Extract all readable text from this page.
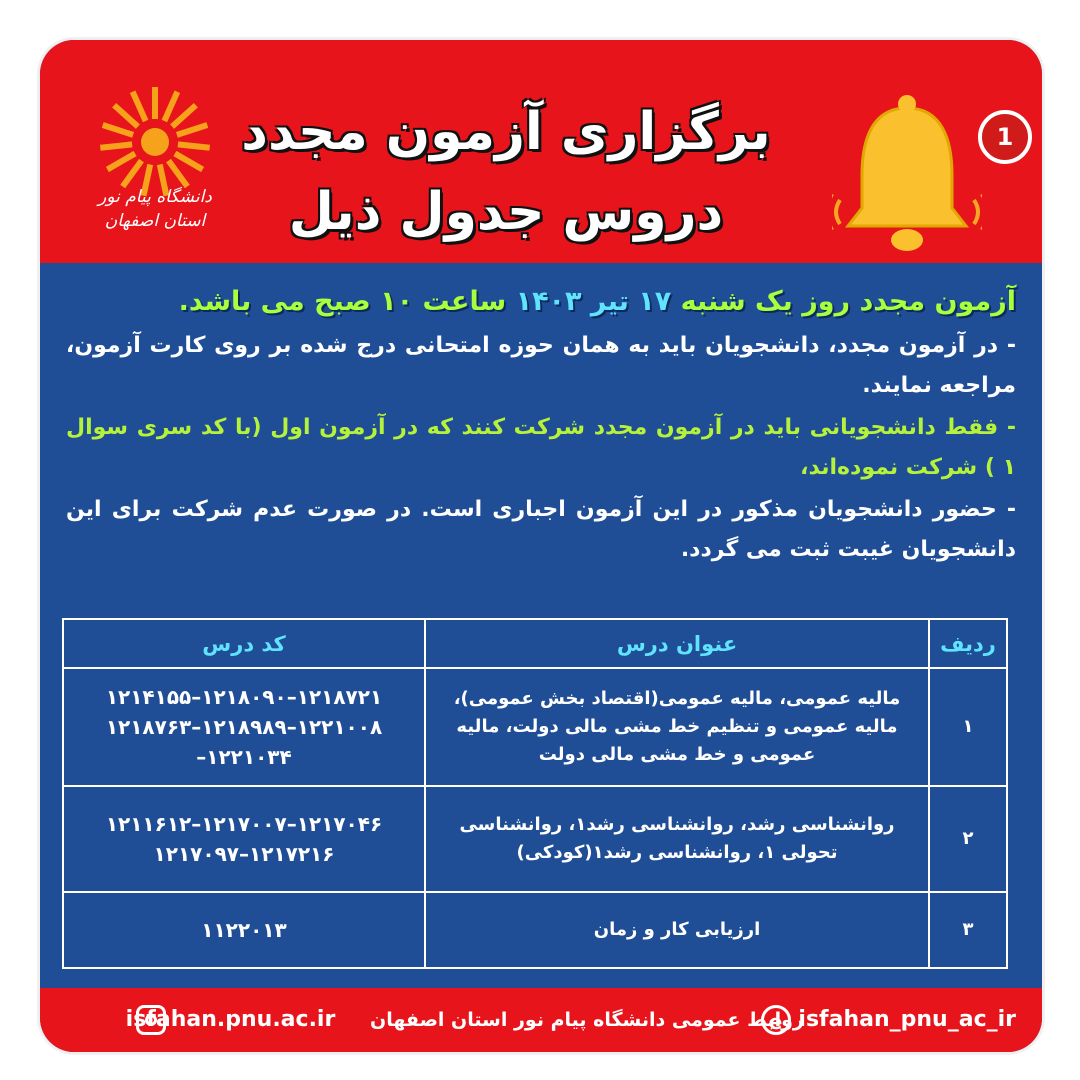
دانشگاه پیام نور
استان اصفهان
برگزاری آزمون مجدد
دروس جدول ذیل
1
آزمون مجدد روز یک شنبه ۱۷ تیر ۱۴۰۳ ساعت ۱۰ صبح می باشد.
- در آزمون مجدد، دانشجویان باید به همان حوزه امتحانی درج شده بر روی کارت آزمون، مراجعه نمایند.
- فقط دانشجویانی باید در آزمون مجدد شرکت کنند که در آزمون اول (با کد سری سوال ۱ ) شرکت نموده‌اند،
- حضور دانشجویان مذکور در این آزمون اجباری است. در صورت عدم شرکت برای این دانشجویان غیبت ثبت می گردد.
ردیف	عنوان درس	کد درس
۱	مالیه عمومی، مالیه عمومی(اقتصاد بخش عمومی)، مالیه عمومی و تنظیم خط مشی مالی دولت، مالیه عمومی و خط مشی مالی دولت	۱۲۱۸۷۲۱–۱۲۱۸۰۹۰–۱۲۱۴۱۵۵ ۱۲۲۱۰۰۸–۱۲۱۸۹۸۹–۱۲۱۸۷۶۳ ۱۲۲۱۰۳۴–
۲	روانشناسی رشد، روانشناسی رشد۱، روانشناسی تحولی ۱، روانشناسی رشد۱(کودکی)	۱۲۱۷۰۴۶–۱۲۱۷۰۰۷–۱۲۱۱۶۱۲ ۱۲۱۷۲۱۶–۱۲۱۷۰۹۷
۳	ارزیابی کار و زمان	۱۱۲۲۰۱۳
isfahan.pnu.ac.ir روابط عمومی دانشگاه پیام نور استان اصفهان
e isfahan_pnu_ac_ir
